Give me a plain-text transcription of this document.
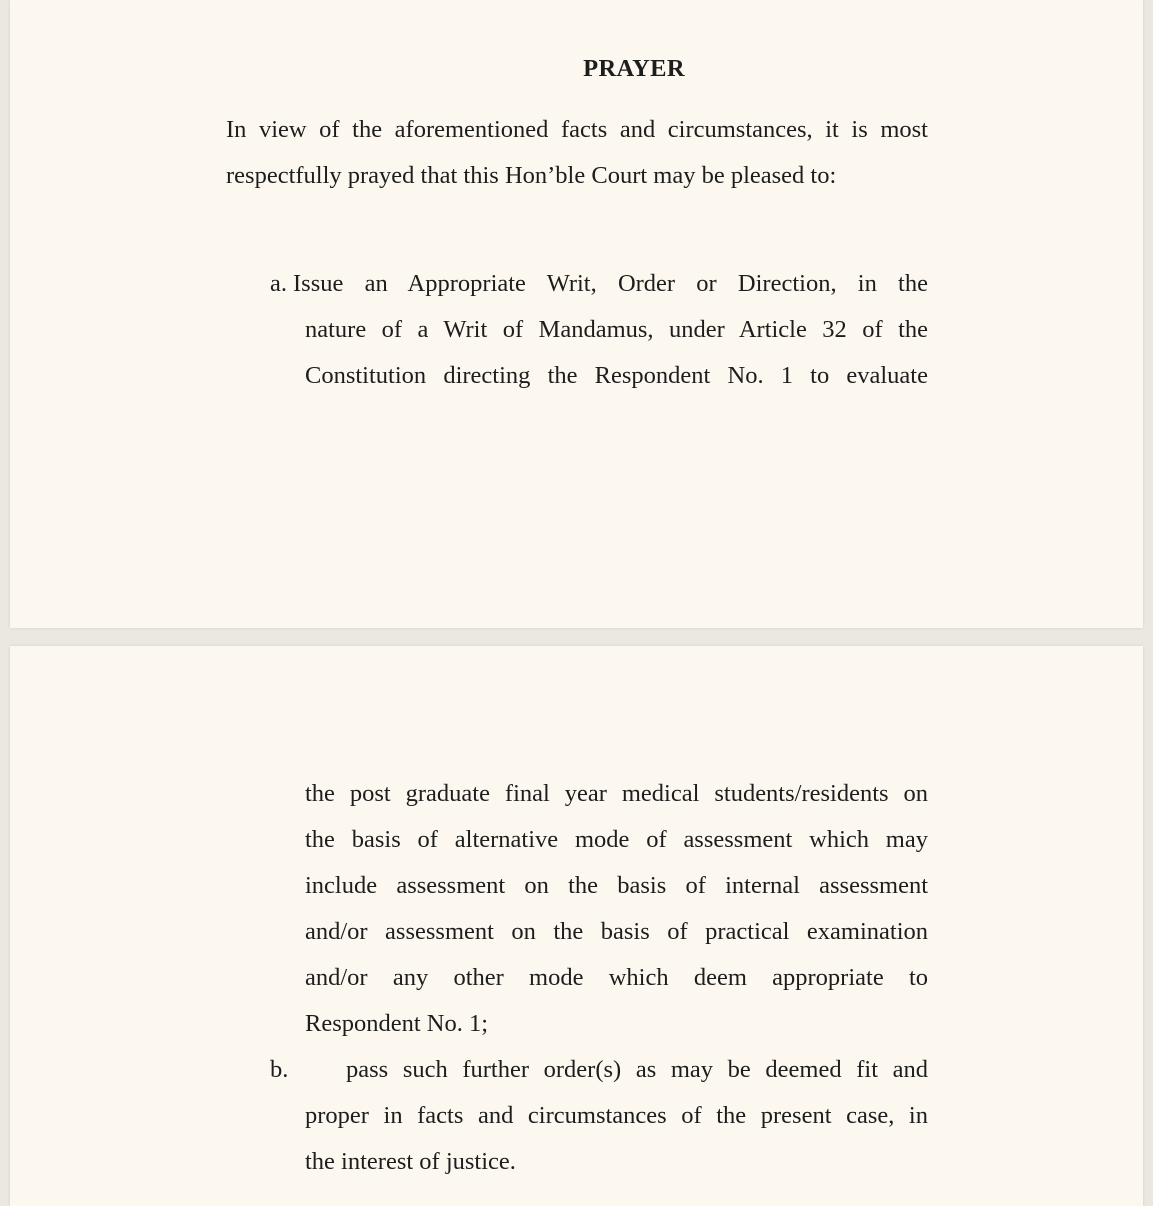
PRAYER
In view of the aforementioned facts and circumstances, it is most
respectfully prayed that this Hon’ble Court may be pleased to:
a. Issue an Appropriate Writ, Order or Direction, in the
nature of a Writ of Mandamus, under Article 32 of the
Constitution directing the Respondent No. 1 to evaluate
the post graduate final year medical students/residents on
the basis of alternative mode of assessment which may
include assessment on the basis of internal assessment
and/or assessment on the basis of practical examination
and/or any other mode which deem appropriate to
Respondent No. 1;
b. pass such further order(s) as may be deemed fit and
proper in facts and circumstances of the present case, in
the interest of justice.
